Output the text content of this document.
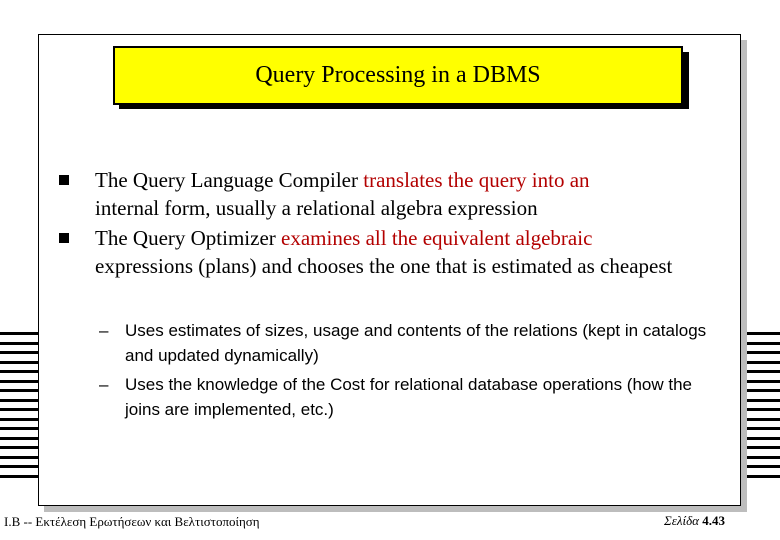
Query Processing in a DBMS
The Query Language Compiler translates the query into an
internal form, usually a relational algebra expression
The Query Optimizer examines all the equivalent algebraic
expressions (plans) and chooses the one that is estimated as cheapest
– Uses estimates of sizes, usage and contents of the relations (kept in catalogs and updated dynamically)
– Uses the knowledge of the Cost for relational database operations (how the joins are implemented, etc.)
Ι.Β -- Εκτέλεση Ερωτήσεων και Βελτιστοποίηση	Σελίδα 4.43
